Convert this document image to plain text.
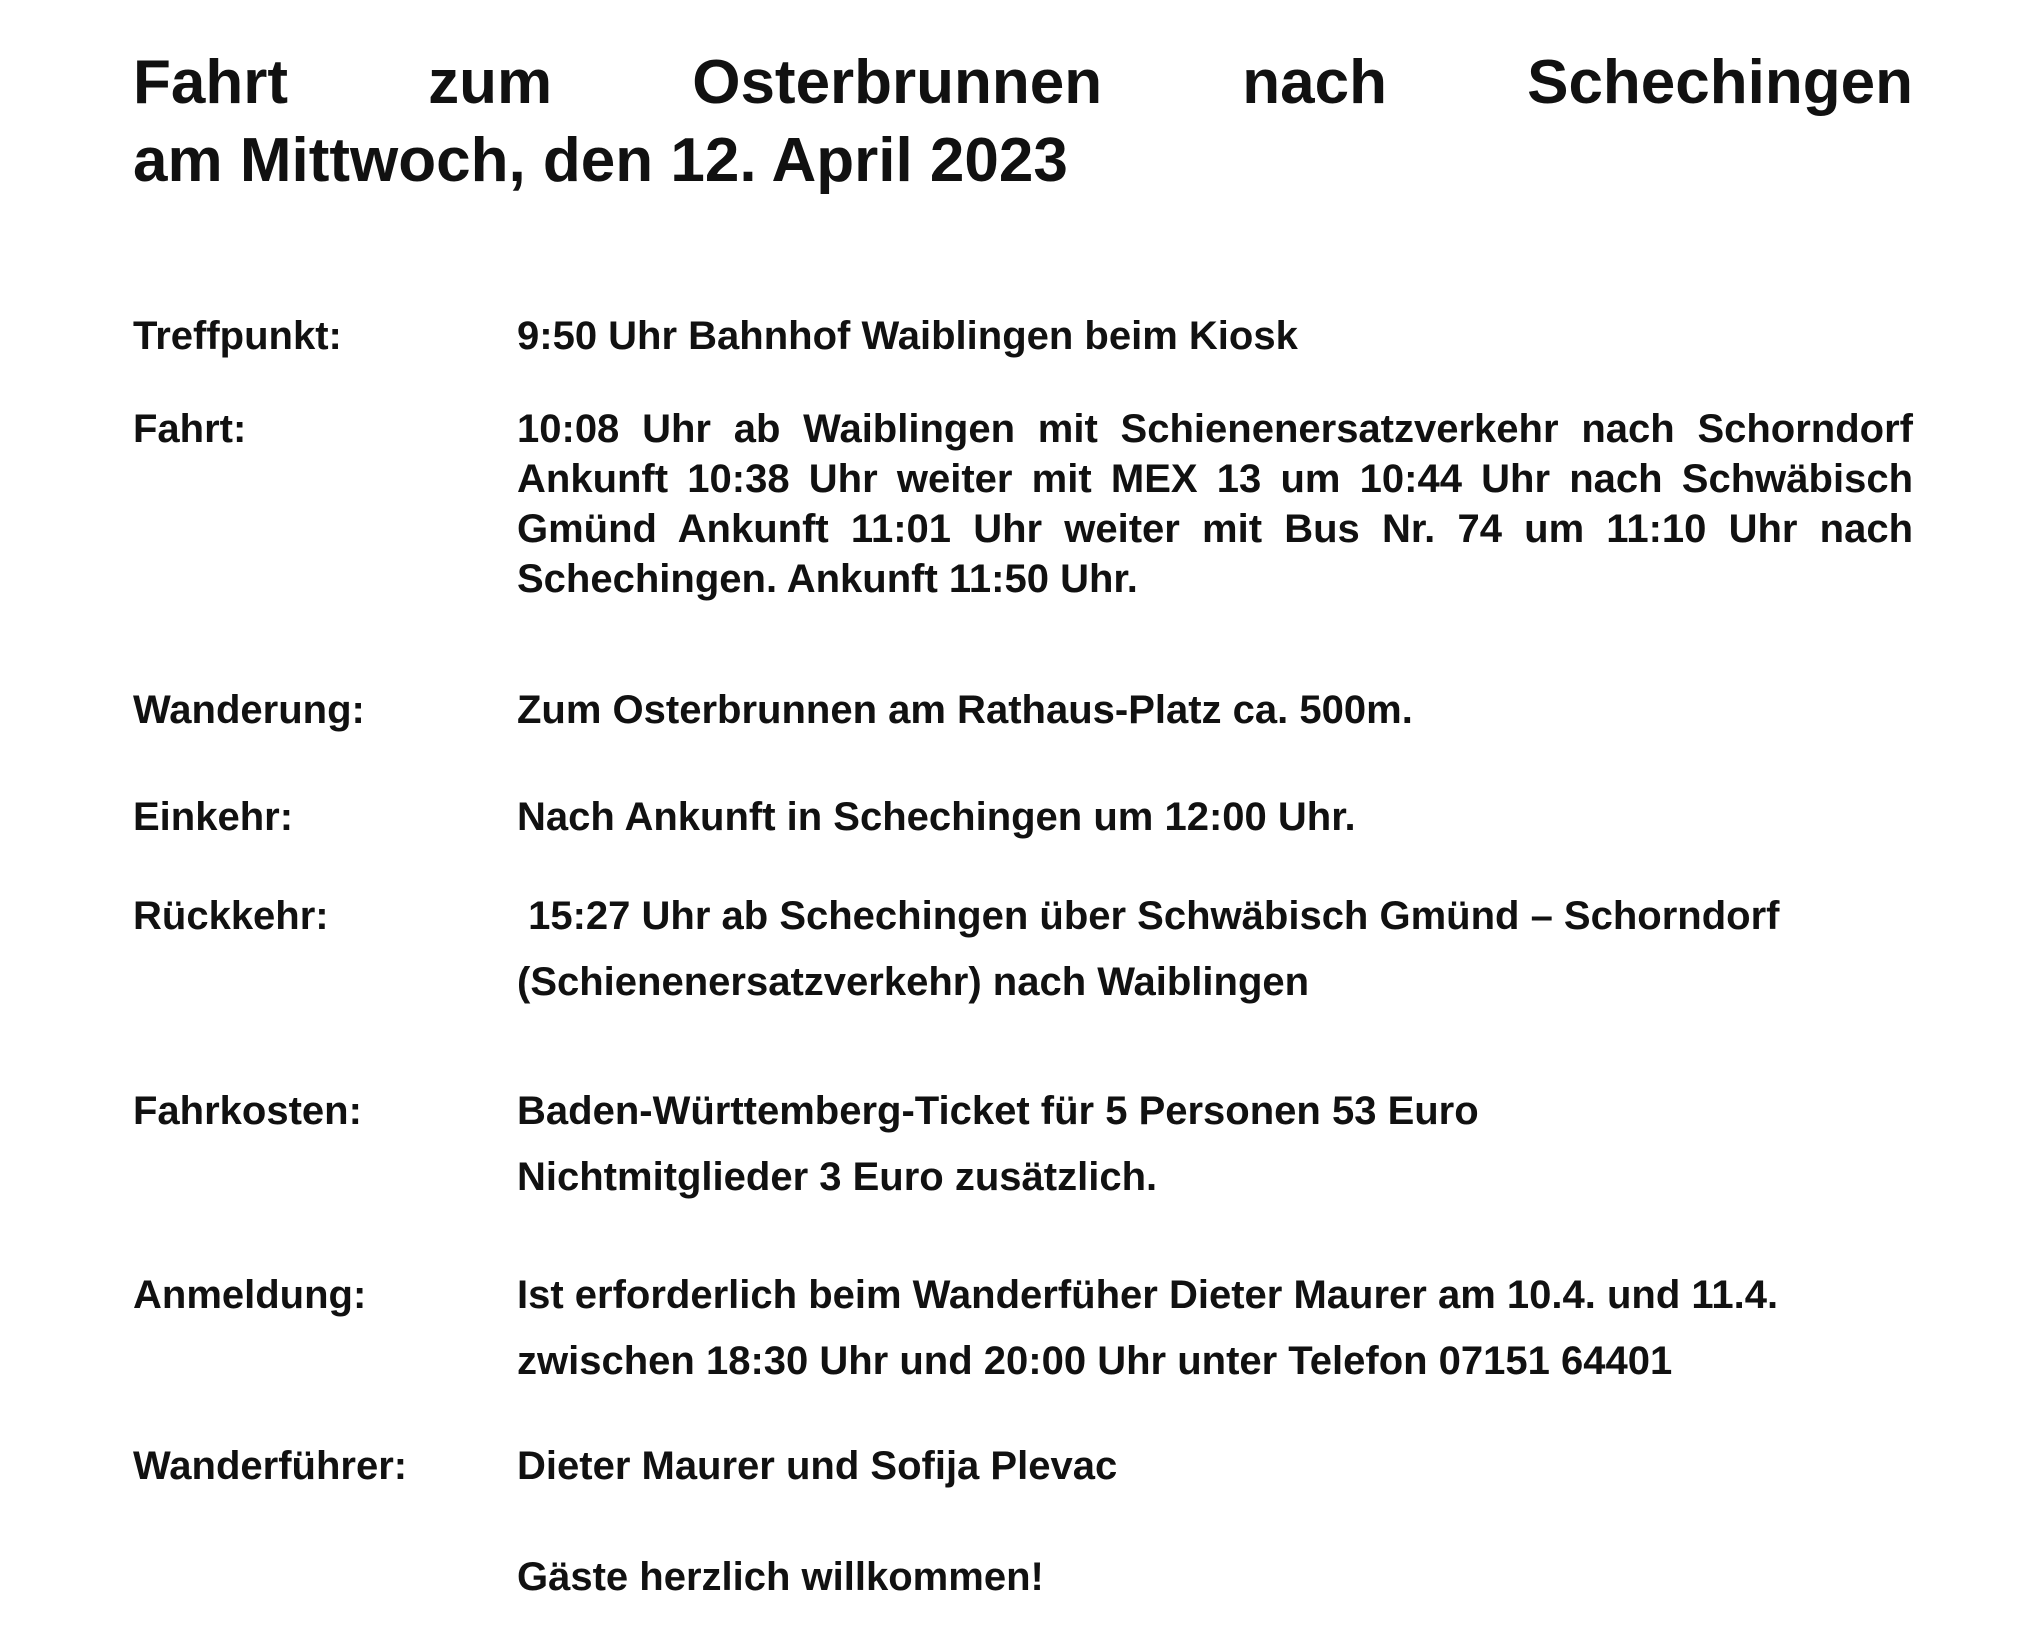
Fahrt zum Osterbrunnen nach Schechingen
am Mittwoch, den 12. April 2023
Treffpunkt:	9:50 Uhr Bahnhof Waiblingen beim Kiosk

Fahrt:	10:08 Uhr ab Waiblingen mit Schienenersatzverkehr nach Schorndorf Ankunft 10:38 Uhr weiter mit MEX 13 um 10:44 Uhr nach Schwäbisch Gmünd Ankunft 11:01 Uhr weiter mit Bus Nr. 74 um 11:10 Uhr nach Schechingen. Ankunft 11:50 Uhr.
Wanderung:	Zum Osterbrunnen am Rathaus-Platz ca. 500m.

Einkehr:	Nach Ankunft in Schechingen um 12:00 Uhr.

Rückkehr:	15:27 Uhr ab Schechingen über Schwäbisch Gmünd – Schorndorf

(Schienenersatzverkehr) nach Waiblingen

Fahrkosten:	Baden-Württemberg-Ticket für 5 Personen 53 Euro

Nichtmitglieder 3 Euro zusätzlich.

Anmeldung:	Ist erforderlich beim Wanderfüher Dieter Maurer am 10.4. und 11.4.

zwischen 18:30 Uhr und 20:00 Uhr unter Telefon 07151 64401

Wanderführer:	Dieter Maurer und Sofija Plevac

Gäste herzlich willkommen!
